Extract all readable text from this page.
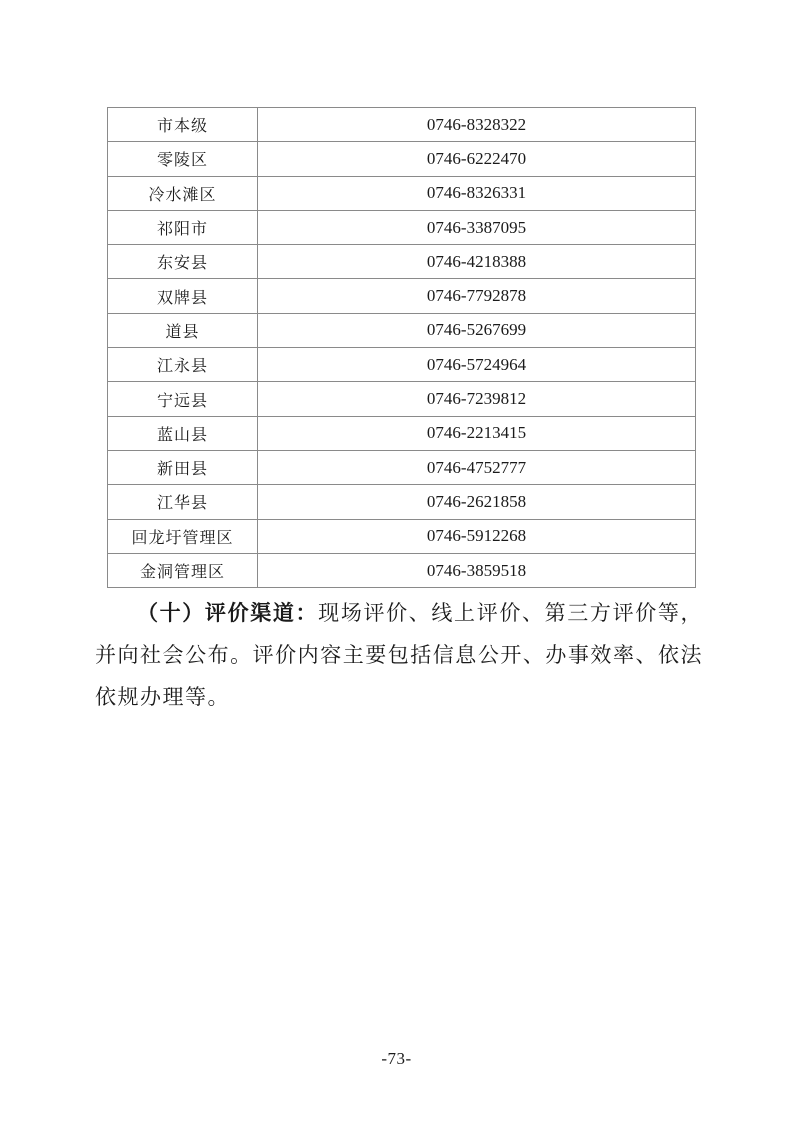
市本级	0746-8328322
零陵区	0746-6222470
冷水滩区	0746-8326331
祁阳市	0746-3387095
东安县	0746-4218388
双牌县	0746-7792878
道县	0746-5267699
江永县	0746-5724964
宁远县	0746-7239812
蓝山县	0746-2213415
新田县	0746-4752777
江华县	0746-2621858
回龙圩管理区	0746-5912268
金洞管理区	0746-3859518

（十）评价渠道：现场评价、线上评价、第三方评价等，并向社会公布。评价内容主要包括信息公开、办事效率、依法依规办理等。

-73-
